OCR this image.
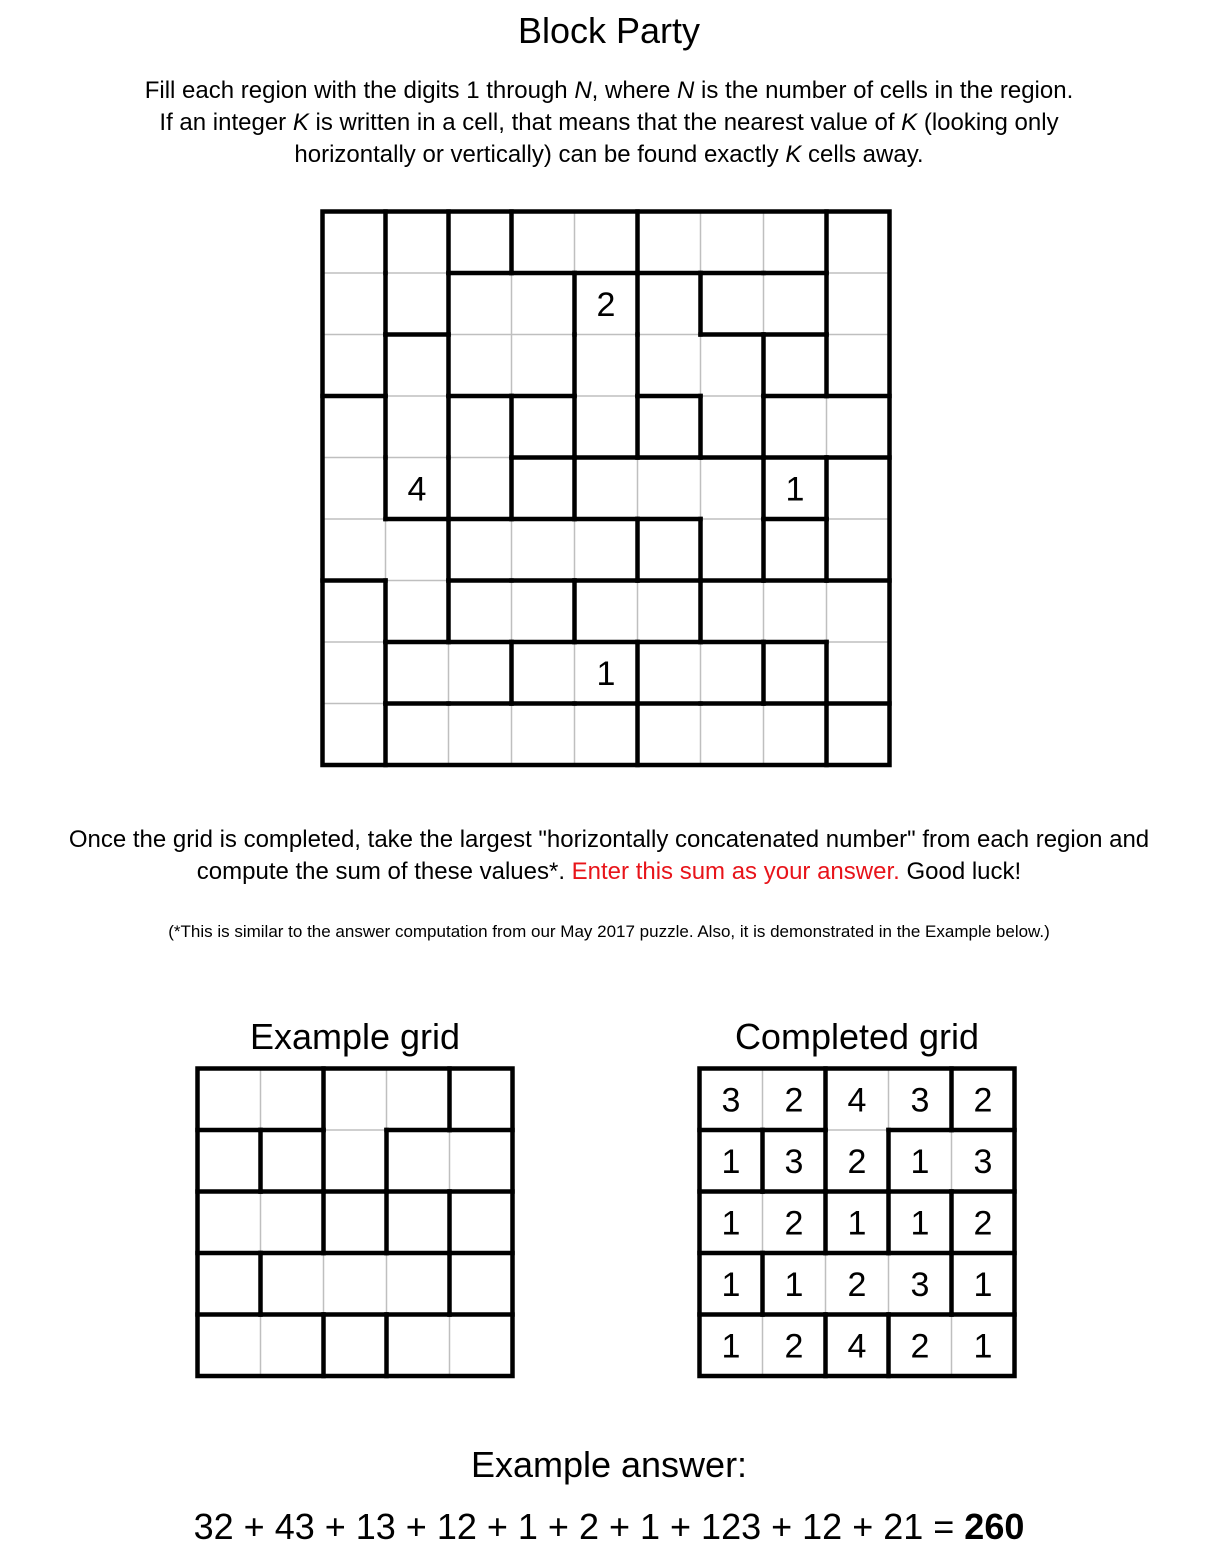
Block Party
Fill each region with the digits 1 through N, where N is the number of cells in the region.
If an integer K is written in a cell, that means that the nearest value of K (looking only
horizontally or vertically) can be found exactly K cells away.
2
4	1
1
Once the grid is completed, take the largest "horizontally concatenated number" from each region and
compute the sum of these values*. Enter this sum as your answer. Good luck!
(*This is similar to the answer computation from our May 2017 puzzle. Also, it is demonstrated in the Example below.)
Example grid	Completed grid
3 2 4 3 2
1 3 2 1 3
1 2 1 1 2
1 1 2 3 1
1 2 4 2 1
Example answer:
32 + 43 + 13 + 12 + 1 + 2 + 1 + 123 + 12 + 21 = 260
